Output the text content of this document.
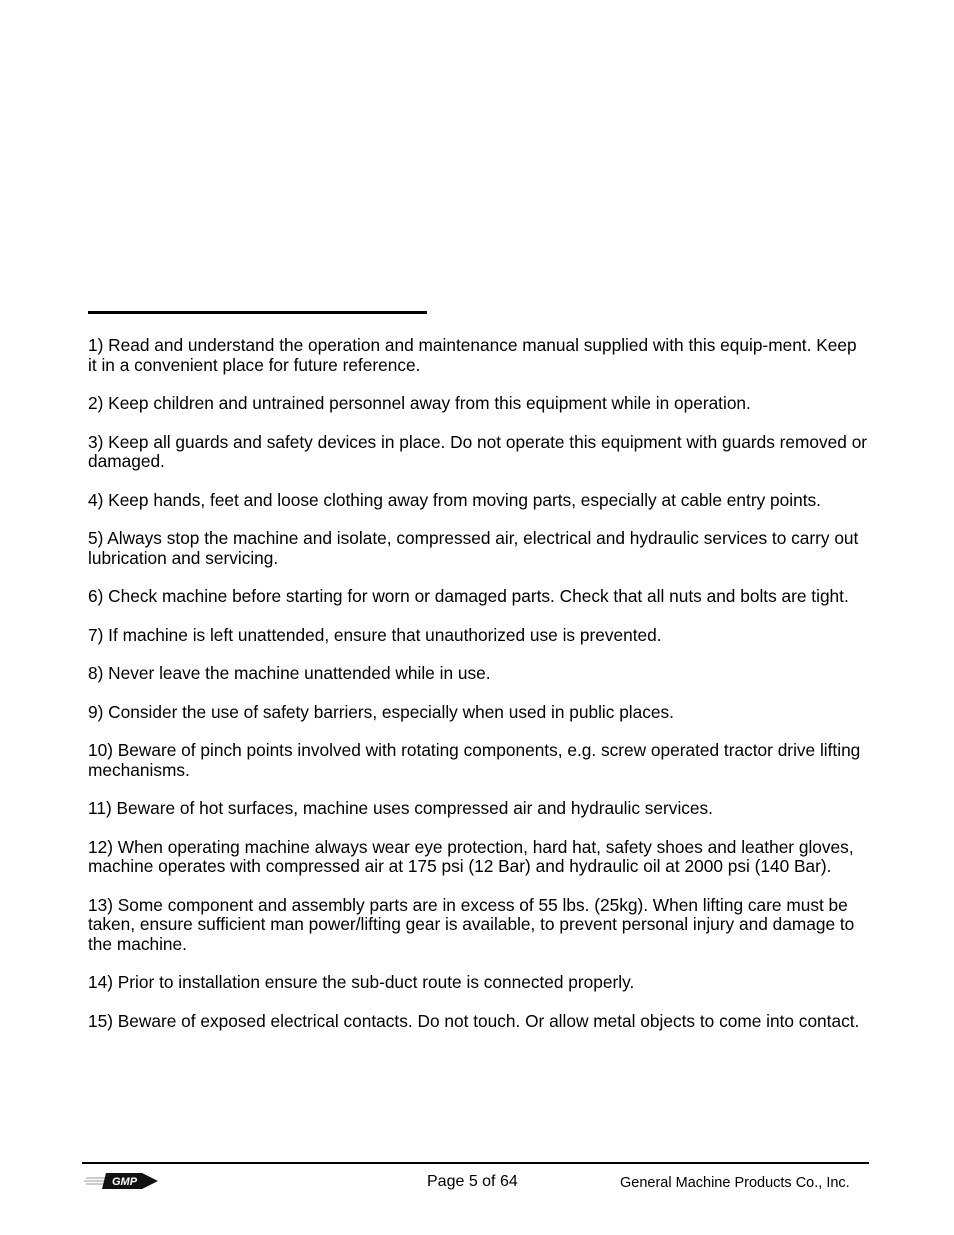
1) Read and understand the operation and maintenance manual supplied with this equip-ment. Keep it in a convenient place for future reference.
2) Keep children and untrained personnel away from this equipment while in operation.
3) Keep all guards and safety devices in place. Do not operate this equipment with guards removed or damaged.
4) Keep hands, feet and loose clothing away from moving parts, especially at cable entry points.
5) Always stop the machine and isolate, compressed air, electrical and hydraulic services to carry out lubrication and servicing.
6) Check machine before starting for worn or damaged parts. Check that all nuts and bolts are tight.
7) If machine is left unattended, ensure that unauthorized use is prevented.
8) Never leave the machine unattended while in use.
9) Consider the use of safety barriers, especially when used in public places.
10) Beware of pinch points involved with rotating components, e.g. screw operated tractor drive lifting mechanisms.
11) Beware of hot surfaces, machine uses compressed air and hydraulic services.
12) When operating machine always wear eye protection, hard hat, safety shoes and leather gloves, machine operates with compressed air at 175 psi (12 Bar) and hydraulic oil at 2000 psi (140 Bar).
13) Some component and assembly parts are in excess of 55 lbs. (25kg). When lifting care must be taken, ensure sufficient man power/lifting gear is available, to prevent personal injury and damage to the machine.
14) Prior to installation ensure the sub-duct route is connected properly.
15) Beware of exposed electrical contacts. Do not touch. Or allow metal objects to come into contact.
GMP	Page 5 of 64	General Machine Products Co., Inc.
